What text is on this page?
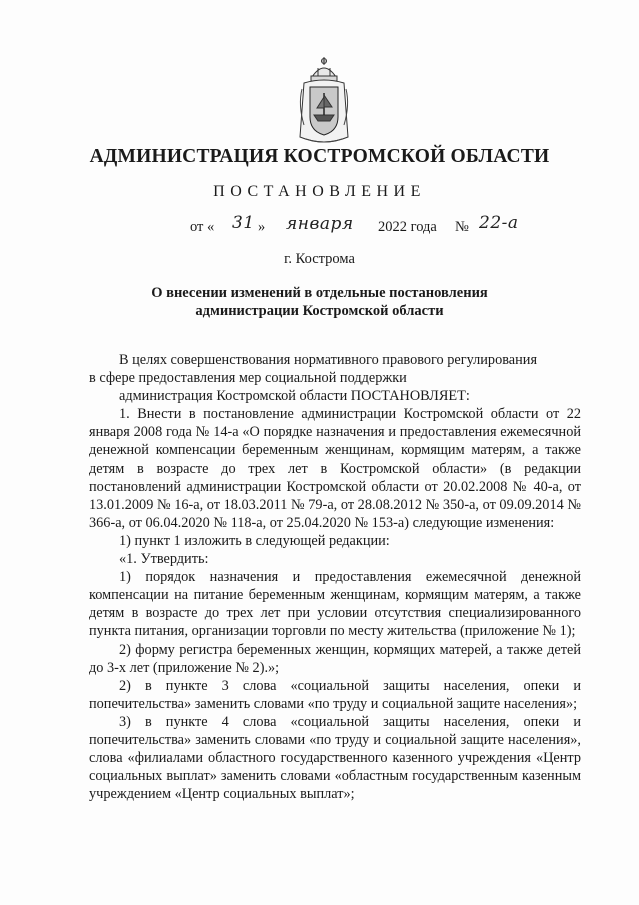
АДМИНИСТРАЦИЯ КОСТРОМСКОЙ ОБЛАСТИ
ПОСТАНОВЛЕНИЕ
от « 31 » января	2022 года № 22-а
г. Кострома
О внесении изменений в отдельные постановления
администрации Костромской области
В целях совершенствования нормативного правового регулирования
в сфере предоставления мер социальной поддержки
администрация Костромской области ПОСТАНОВЛЯЕТ:

1. Внести в постановление администрации Костромской области от 22 января 2008 года № 14-а «О порядке назначения и предоставления ежемесячной денежной компенсации беременным женщинам, кормящим матерям, а также детям в возрасте до трех лет в Костромской области» (в редакции постановлений администрации Костромской области от 20.02.2008 № 40-а, от 13.01.2009 № 16-а, от 18.03.2011 № 79-а, от 28.08.2012 № 350-а, от 09.09.2014 № 366-а, от 06.04.2020 № 118-а, от 25.04.2020 № 153-а) следующие изменения:

1) пункт 1 изложить в следующей редакции:

«1. Утвердить:

1) порядок назначения и предоставления ежемесячной денежной компенсации на питание беременным женщинам, кормящим матерям, а также детям в возрасте до трех лет при условии отсутствия специализированного пункта питания, организации торговли по месту жительства (приложение № 1);

2) форму регистра беременных женщин, кормящих матерей, а также детей до 3-х лет (приложение № 2).»;

2) в пункте 3 слова «социальной защиты населения, опеки и попечительства» заменить словами «по труду и социальной защите населения»;

3) в пункте 4 слова «социальной защиты населения, опеки и попечительства» заменить словами «по труду и социальной защите населения», слова «филиалами областного государственного казенного учреждения «Центр социальных выплат» заменить словами «областным государственным казенным учреждением «Центр социальных выплат»;
